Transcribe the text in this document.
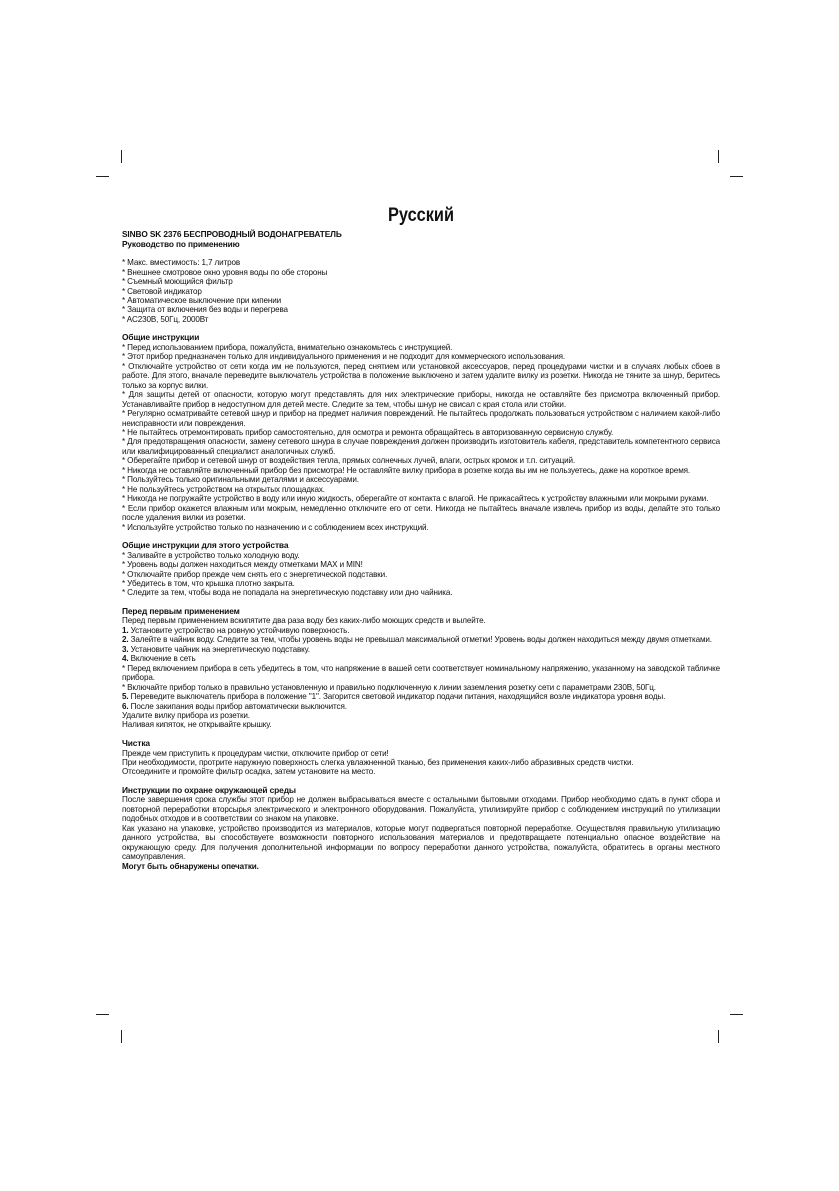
Русский
SINBO SK 2376 БЕСПРОВОДНЫЙ ВОДОНАГРЕВАТЕЛЬ
Руководство по применению
* Макс. вместимость: 1,7 литров
* Внешнее смотровое окно уровня воды по обе стороны
* Съемный моющийся фильтр
* Световой индикатор
* Автоматическое выключение при кипении
* Защита от включения без воды и перегрева
* AC230В, 50Гц, 2000Вт
Общие инструкции
* Перед использованием прибора, пожалуйста, внимательно ознакомьтесь с инструкцией.
* Этот прибор предназначен только для индивидуального применения и не подходит для коммерческого использования.
* Отключайте устройство от сети когда им не пользуются, перед снятием или установкой аксессуаров, перед процедурами чистки и в случаях любых сбоев в работе. Для этого, вначале переведите выключатель устройства в положение выключено и затем удалите вилку из розетки. Никогда не тяните за шнур, беритесь только за корпус вилки.
* Для защиты детей от опасности, которую могут представлять для них электрические приборы, никогда не оставляйте без присмотра включенный прибор. Устанавливайте прибор в недоступном для детей месте. Следите за тем, чтобы шнур не свисал с края стола или стойки.
* Регулярно осматривайте сетевой шнур и прибор на предмет наличия повреждений. Не пытайтесь продолжать пользоваться устройством с наличием какой-либо неисправности или повреждения.
* Не пытайтесь отремонтировать прибор самостоятельно, для осмотра и ремонта обращайтесь в авторизованную сервисную службу.
* Для предотвращения опасности, замену сетевого шнура в случае повреждения должен производить изготовитель кабеля, представитель компетентного сервиса или квалифицированный специалист аналогичных служб.
* Оберегайте прибор и сетевой шнур от воздействия тепла, прямых солнечных лучей, влаги, острых кромок и т.п. ситуаций.
* Никогда не оставляйте включенный прибор без присмотра! Не оставляйте вилку прибора в розетке когда вы им не пользуетесь, даже на короткое время.
* Пользуйтесь только оригинальными деталями и аксессуарами.
* Не пользуйтесь устройством на открытых площадках.
* Никогда не погружайте устройство в воду или иную жидкость, оберегайте от контакта с влагой. Не прикасайтесь к устройству влажными или мокрыми руками.
* Если прибор окажется влажным или мокрым, немедленно отключите его от сети. Никогда не пытайтесь вначале извлечь прибор из воды, делайте это только после удаления вилки из розетки.
* Используйте устройство только по назначению и с соблюдением всех инструкций.
Общие инструкции для этого устройства
* Заливайте в устройство только холодную воду.
* Уровень воды должен находиться между отметками MAX и MIN!
* Отключайте прибор прежде чем снять его с энергетической подставки.
* Убедитесь в том, что крышка плотно закрыта.
* Следите за тем, чтобы вода не попадала на энергетическую подставку или дно чайника.
Перед первым применением
Перед первым применением вскипятите два раза воду без каких-либо моющих средств и вылейте.
1. Установите устройство на ровную устойчивую поверхность.
2. Залейте в чайник воду. Следите за тем, чтобы уровень воды не превышал максимальной отметки! Уровень воды должен находиться между двумя отметками.
3. Установите чайник на энергетическую подставку.
4. Включение в сеть
* Перед включением прибора в сеть убедитесь в том, что напряжение в вашей сети соответствует номинальному напряжению, указанному на заводской табличке прибора.
* Включайте прибор только в правильно установленную и правильно подключенную к линии заземления розетку сети с параметрами 230В, 50Гц.
5. Переведите выключатель прибора в положение "1". Загорится световой индикатор подачи питания, находящийся возле индикатора уровня воды.
6. После закипания воды прибор автоматически выключится.
Удалите вилку прибора из розетки.
Наливая кипяток, не открывайте крышку.
Чистка
Прежде чем приступить к процедурам чистки, отключите прибор от сети!
При необходимости, протрите наружную поверхность слегка увлажненной тканью, без применения каких-либо абразивных средств чистки.
Отсоедините и промойте фильтр осадка, затем установите на место.
Инструкции по охране окружающей среды
После завершения срока службы этот прибор не должен выбрасываться вместе с остальными бытовыми отходами. Прибор необходимо сдать в пункт сбора и повторной переработки вторсырья электрического и электронного оборудования. Пожалуйста, утилизируйте прибор с соблюдением инструкций по утилизации подобных отходов и в соответствии со знаком на упаковке.
Как указано на упаковке, устройство производится из материалов, которые могут подвергаться повторной переработке. Осуществляя правильную утилизацию данного устройства, вы способствуете возможности повторного использования материалов и предотвращаете потенциально опасное воздействие на окружающую среду. Для получения дополнительной информации по вопросу переработки данного устройства, пожалуйста, обратитесь в органы местного самоуправления.
Могут быть обнаружены опечатки.
